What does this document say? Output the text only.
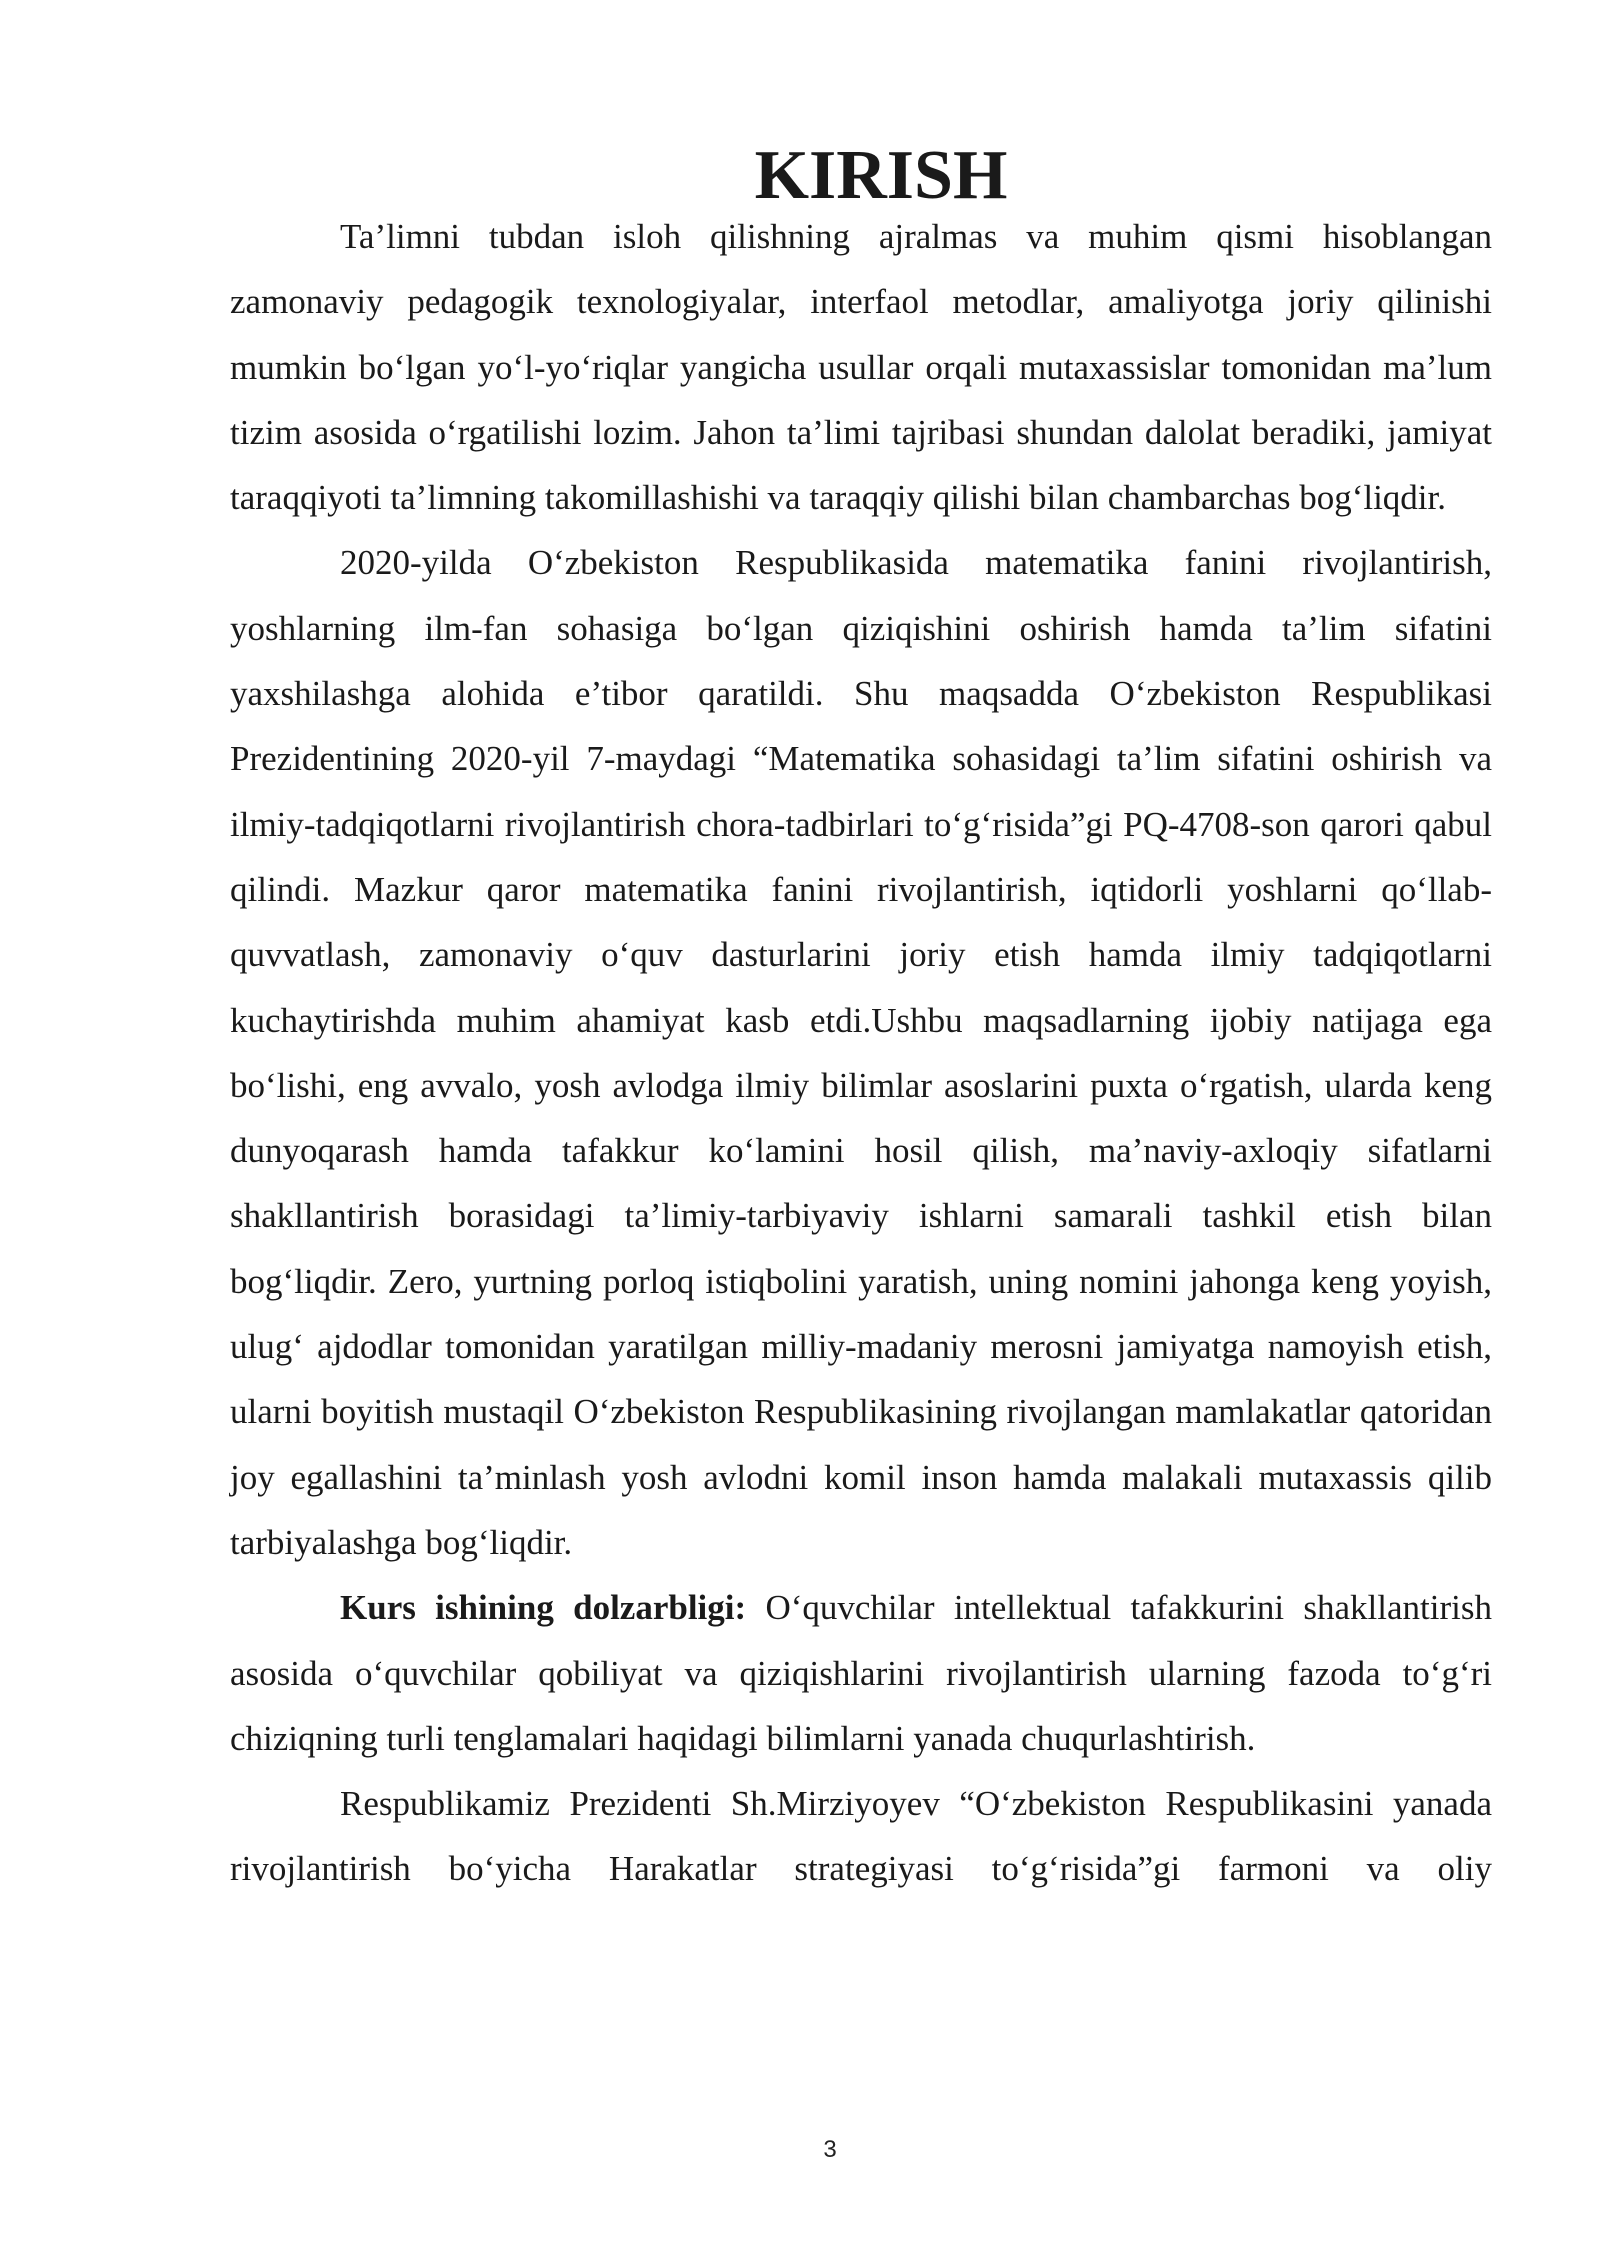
KIRISH

Ta’limni tubdan isloh qilishning ajralmas va muhim qismi hisoblangan zamonaviy pedagogik texnologiyalar, interfaol metodlar, amaliyotga joriy qilinishi mumkin bo‘lgan yo‘l-yo‘riqlar yangicha usullar orqali mutaxassislar tomonidan ma’lum tizim asosida o‘rgatilishi lozim. Jahon ta’limi tajribasi shundan dalolat beradiki, jamiyat taraqqiyoti ta’limning takomillashishi va taraqqiy qilishi bilan chambarchas bog‘liqdir.

2020-yilda O‘zbekiston Respublikasida matematika fanini rivojlantirish, yoshlarning ilm-fan sohasiga bo‘lgan qiziqishini oshirish hamda ta’lim sifatini yaxshilashga alohida e’tibor qaratildi. Shu maqsadda O‘zbekiston Respublikasi Prezidentining 2020-yil 7-maydagi “Matematika sohasidagi ta’lim sifatini oshirish va ilmiy-tadqiqotlarni rivojlantirish chora-tadbirlari to‘g‘risida”gi PQ-4708-son qarori qabul qilindi. Mazkur qaror matematika fanini rivojlantirish, iqtidorli yoshlarni qo‘llab-quvvatlash, zamonaviy o‘quv dasturlarini joriy etish hamda ilmiy tadqiqotlarni kuchaytirishda muhim ahamiyat kasb etdi.Ushbu maqsadlarning ijobiy natijaga ega bo‘lishi, eng avvalo, yosh avlodga ilmiy bilimlar asoslarini puxta o‘rgatish, ularda keng dunyoqarash hamda tafakkur ko‘lamini hosil qilish, ma’naviy-axloqiy sifatlarni shakllantirish borasidagi ta’limiy-tarbiyaviy ishlarni samarali tashkil etish bilan bog‘liqdir. Zero, yurtning porloq istiqbolini yaratish, uning nomini jahonga keng yoyish, ulug‘ ajdodlar tomonidan yaratilgan milliy-madaniy merosni jamiyatga namoyish etish, ularni boyitish mustaqil O‘zbekiston Respublikasining rivojlangan mamlakatlar qatoridan joy egallashini ta’minlash yosh avlodni komil inson hamda malakali mutaxassis qilib tarbiyalashga bog‘liqdir.

Kurs ishining dolzarbligi: O‘quvchilar intellektual tafakkurini shakllantirish asosida o‘quvchilar qobiliyat va qiziqishlarini rivojlantirish ularning fazoda to‘g‘ri chiziqning turli tenglamalari haqidagi bilimlarni yanada chuqurlashtirish.

Respublikamiz Prezidenti Sh.Mirziyoyev “O‘zbekiston Respublikasini yanada rivojlantirish bo‘yicha Harakatlar strategiyasi to‘g‘risida”gi farmoni va oliy

3
